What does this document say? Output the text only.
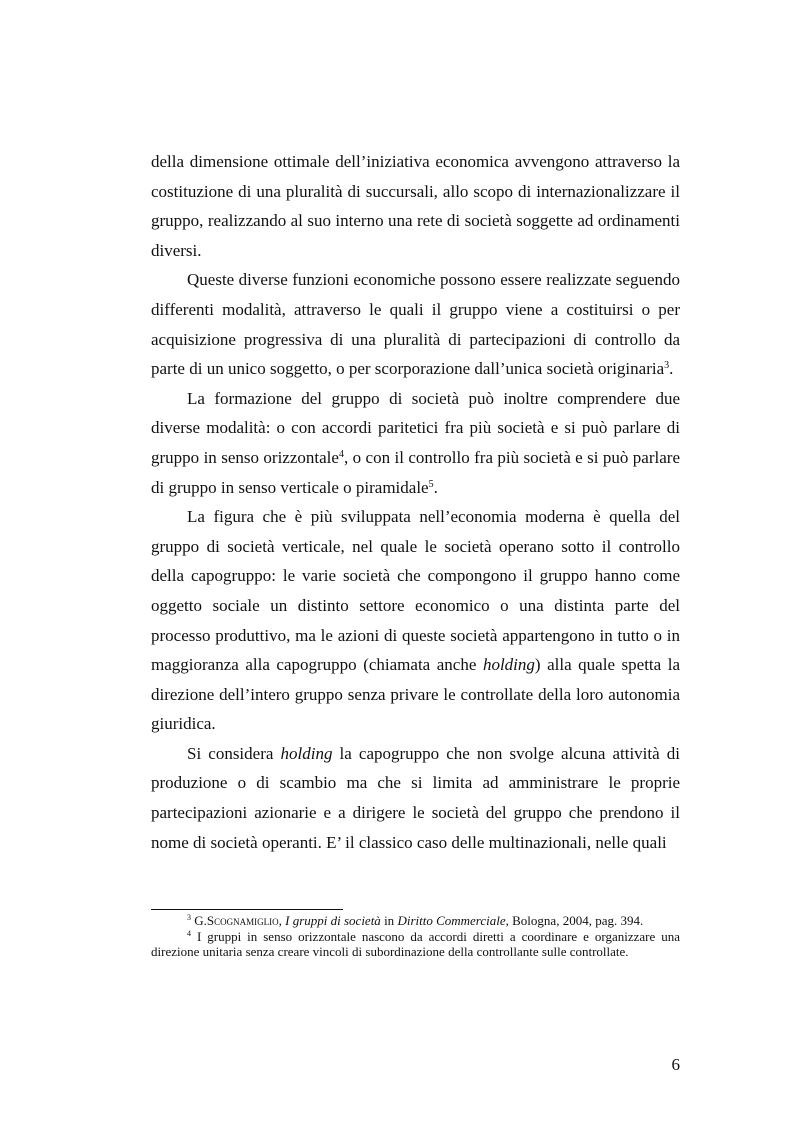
della dimensione ottimale dell’iniziativa economica avvengono attraverso la costituzione di una pluralità di succursali, allo scopo di internazionalizzare il gruppo, realizzando al suo interno una rete di società soggette ad ordinamenti diversi.

Queste diverse funzioni economiche possono essere realizzate seguendo differenti modalità, attraverso le quali il gruppo viene a costituirsi o per acquisizione progressiva di una pluralità di partecipazioni di controllo da parte di un unico soggetto, o per scorporazione dall’unica società originaria$^3$.

La formazione del gruppo di società può inoltre comprendere due diverse modalità: o con accordi paritetici fra più società e si può parlare di gruppo in senso orizzontale$^4$, o con il controllo fra più società e si può parlare di gruppo in senso verticale o piramidale$^5$.

La figura che è più sviluppata nell’economia moderna è quella del gruppo di società verticale, nel quale le società operano sotto il controllo della capogruppo: le varie società che compongono il gruppo hanno come oggetto sociale un distinto settore economico o una distinta parte del processo produttivo, ma le azioni di queste società appartengono in tutto o in maggioranza alla capogruppo (chiamata anche holding) alla quale spetta la direzione dell’intero gruppo senza privare le controllate della loro autonomia giuridica.

Si considera holding la capogruppo che non svolge alcuna attività di produzione o di scambio ma che si limita ad amministrare le proprie partecipazioni azionarie e a dirigere le società del gruppo che prendono il nome di società operanti. E’ il classico caso delle multinazionali, nelle quali

$^3$ G.Scognamiglio, I gruppi di società in Diritto Commerciale, Bologna, 2004, pag. 394.

$^4$ I gruppi in senso orizzontale nascono da accordi diretti a coordinare e organizzare una direzione unitaria senza creare vincoli di subordinazione della controllante sulle controllate.

6
